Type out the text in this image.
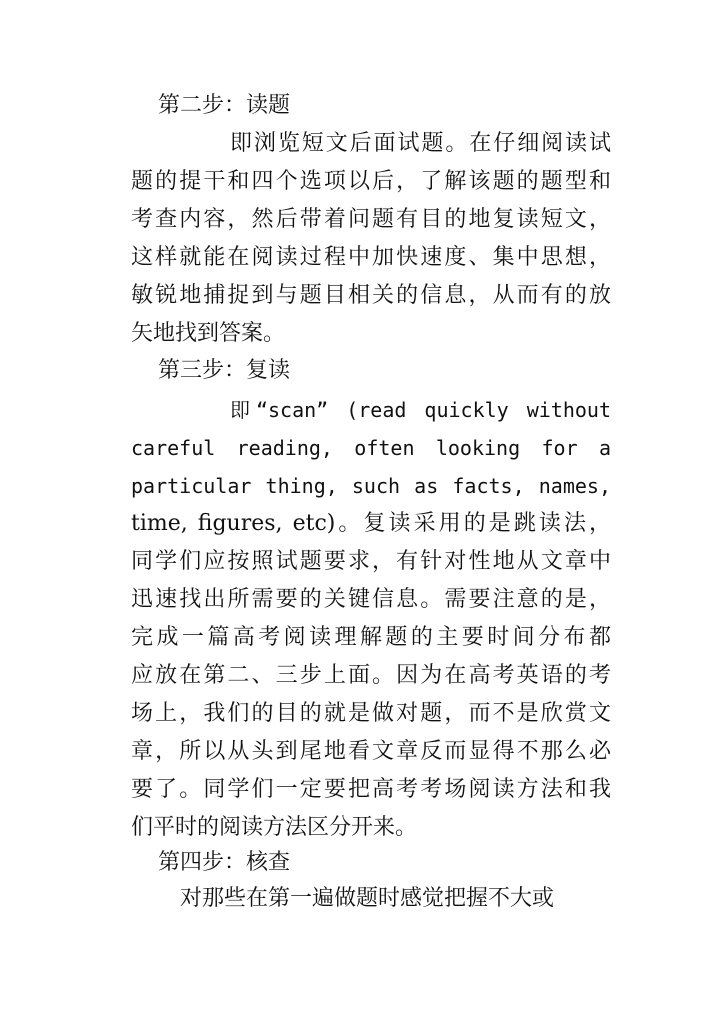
第二步：读题
即浏览短文后面试题。在仔细阅读试
题的提干和四个选项以后，了解该题的题型和
考查内容，然后带着问题有目的地复读短文，
这样就能在阅读过程中加快速度、集中思想，
敏锐地捕捉到与题目相关的信息，从而有的放
矢地找到答案。
第三步：复读
即“scan” (read quickly without
careful reading, often looking for a
particular thing, such as facts, names,
time, figures, etc)。复读采用的是跳读法，
同学们应按照试题要求，有针对性地从文章中
迅速找出所需要的关键信息。需要注意的是，
完成一篇高考阅读理解题的主要时间分布都
应放在第二、三步上面。因为在高考英语的考
场上，我们的目的就是做对题，而不是欣赏文
章，所以从头到尾地看文章反而显得不那么必
要了。同学们一定要把高考考场阅读方法和我
们平时的阅读方法区分开来。
第四步：核查
对那些在第一遍做题时感觉把握不大或
